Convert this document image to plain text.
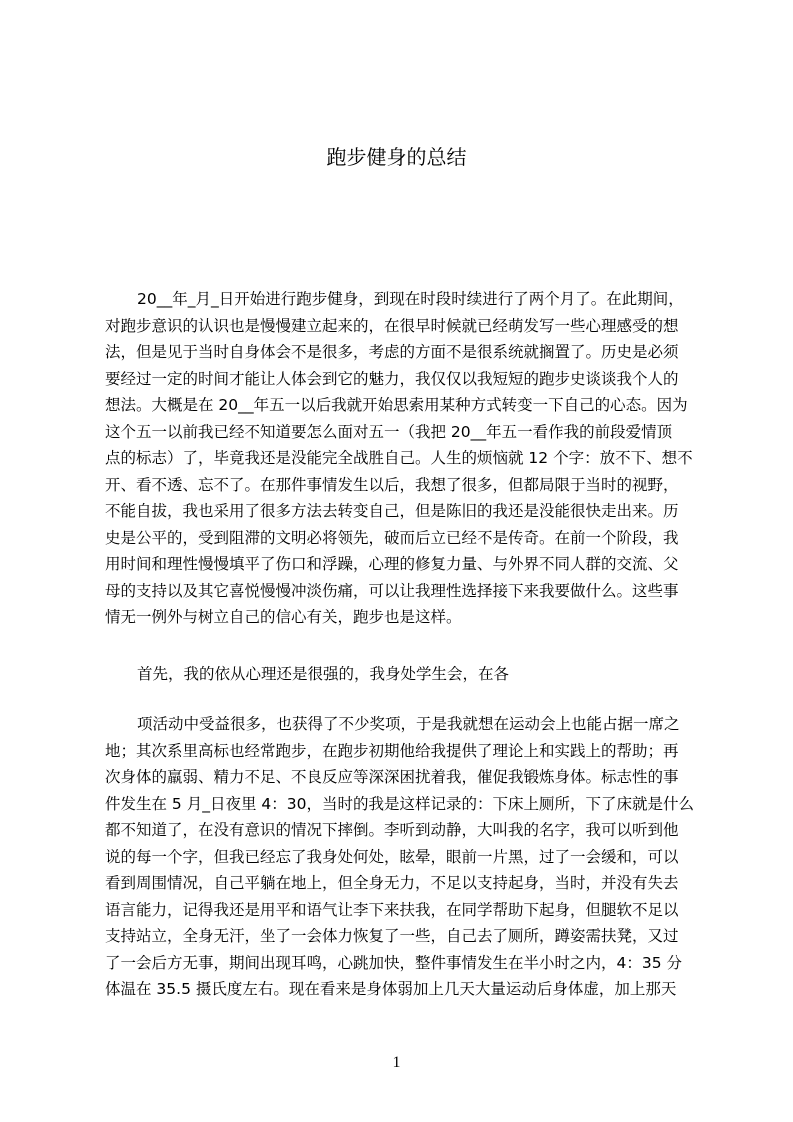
跑步健身的总结
20__年_月_日开始进行跑步健身，到现在时段时续进行了两个月了。在此期间，
对跑步意识的认识也是慢慢建立起来的，在很早时候就已经萌发写一些心理感受的想
法，但是见于当时自身体会不是很多，考虑的方面不是很系统就搁置了。历史是必须
要经过一定的时间才能让人体会到它的魅力，我仅仅以我短短的跑步史谈谈我个人的
想法。大概是在 20__年五一以后我就开始思索用某种方式转变一下自己的心态。因为
这个五一以前我已经不知道要怎么面对五一（我把 20__年五一看作我的前段爱情顶
点的标志）了，毕竟我还是没能完全战胜自己。人生的烦恼就 12 个字：放不下、想不
开、看不透、忘不了。在那件事情发生以后，我想了很多，但都局限于当时的视野，
不能自拔，我也采用了很多方法去转变自己，但是陈旧的我还是没能很快走出来。历
史是公平的，受到阻滞的文明必将领先，破而后立已经不是传奇。在前一个阶段，我
用时间和理性慢慢填平了伤口和浮躁，心理的修复力量、与外界不同人群的交流、父
母的支持以及其它喜悦慢慢冲淡伤痛，可以让我理性选择接下来我要做什么。这些事
情无一例外与树立自己的信心有关，跑步也是这样。
首先，我的依从心理还是很强的，我身处学生会，在各
项活动中受益很多，也获得了不少奖项，于是我就想在运动会上也能占据一席之
地；其次系里高标也经常跑步，在跑步初期他给我提供了理论上和实践上的帮助；再
次身体的羸弱、精力不足、不良反应等深深困扰着我，催促我锻炼身体。标志性的事
件发生在 5 月_日夜里 4：30，当时的我是这样记录的：下床上厕所，下了床就是什么
都不知道了，在没有意识的情况下摔倒。李听到动静，大叫我的名字，我可以听到他
说的每一个字，但我已经忘了我身处何处，眩晕，眼前一片黑，过了一会缓和，可以
看到周围情况，自己平躺在地上，但全身无力，不足以支持起身，当时，并没有失去
语言能力，记得我还是用平和语气让李下来扶我，在同学帮助下起身，但腿软不足以
支持站立，全身无汗，坐了一会体力恢复了一些，自己去了厕所，蹲姿需扶凳，又过
了一会后方无事，期间出现耳鸣，心跳加快，整件事情发生在半小时之内，4：35 分
体温在 35.5 摄氏度左右。现在看来是身体弱加上几天大量运动后身体虚，加上那天
1
